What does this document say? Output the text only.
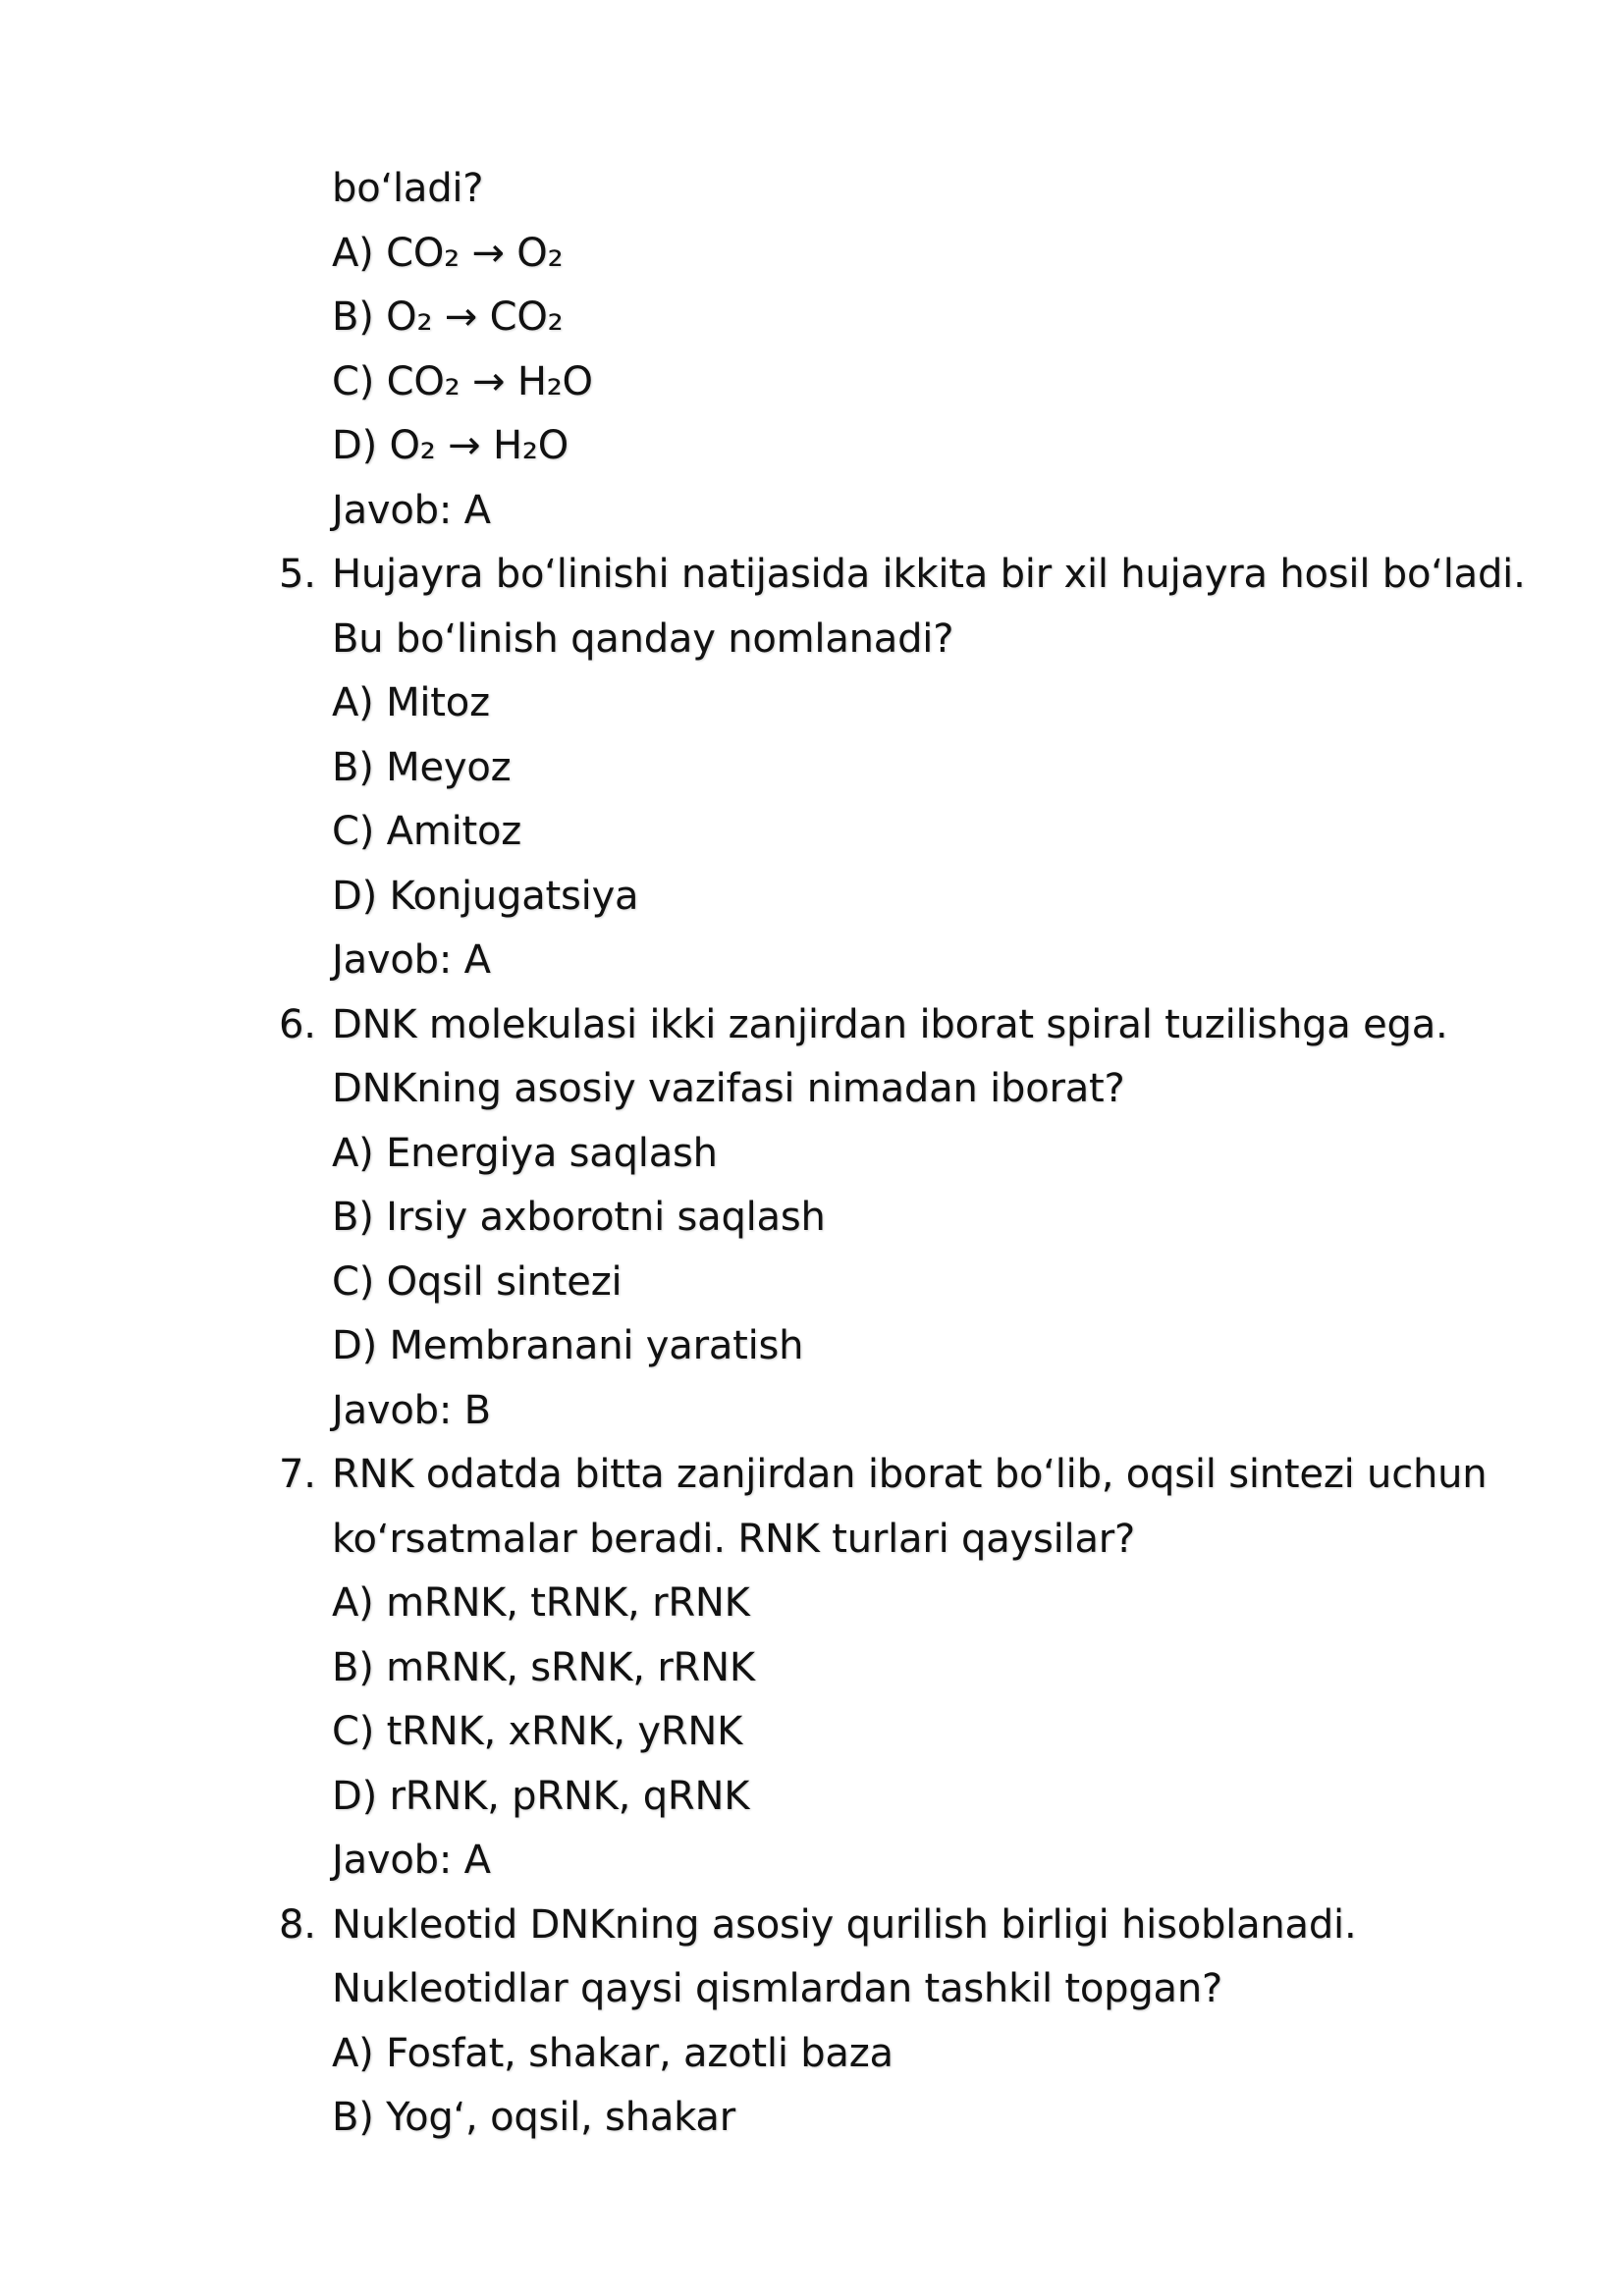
bo‘ladi?
A) CO₂ → O₂
B) O₂ → CO₂
C) CO₂ → H₂O
D) O₂ → H₂O
Javob: A
5. Hujayra bo‘linishi natijasida ikkita bir xil hujayra hosil bo‘ladi.
Bu bo‘linish qanday nomlanadi?
A) Mitoz
B) Meyoz
C) Amitoz
D) Konjugatsiya
Javob: A
6. DNK molekulasi ikki zanjirdan iborat spiral tuzilishga ega.
DNKning asosiy vazifasi nimadan iborat?
A) Energiya saqlash
B) Irsiy axborotni saqlash
C) Oqsil sintezi
D) Membranani yaratish
Javob: B
7. RNK odatda bitta zanjirdan iborat bo‘lib, oqsil sintezi uchun
ko‘rsatmalar beradi. RNK turlari qaysilar?
A) mRNK, tRNK, rRNK
B) mRNK, sRNK, rRNK
C) tRNK, xRNK, yRNK
D) rRNK, pRNK, qRNK
Javob: A
8. Nukleotid DNKning asosiy qurilish birligi hisoblanadi.
Nukleotidlar qaysi qismlardan tashkil topgan?
A) Fosfat, shakar, azotli baza
B) Yog‘, oqsil, shakar
